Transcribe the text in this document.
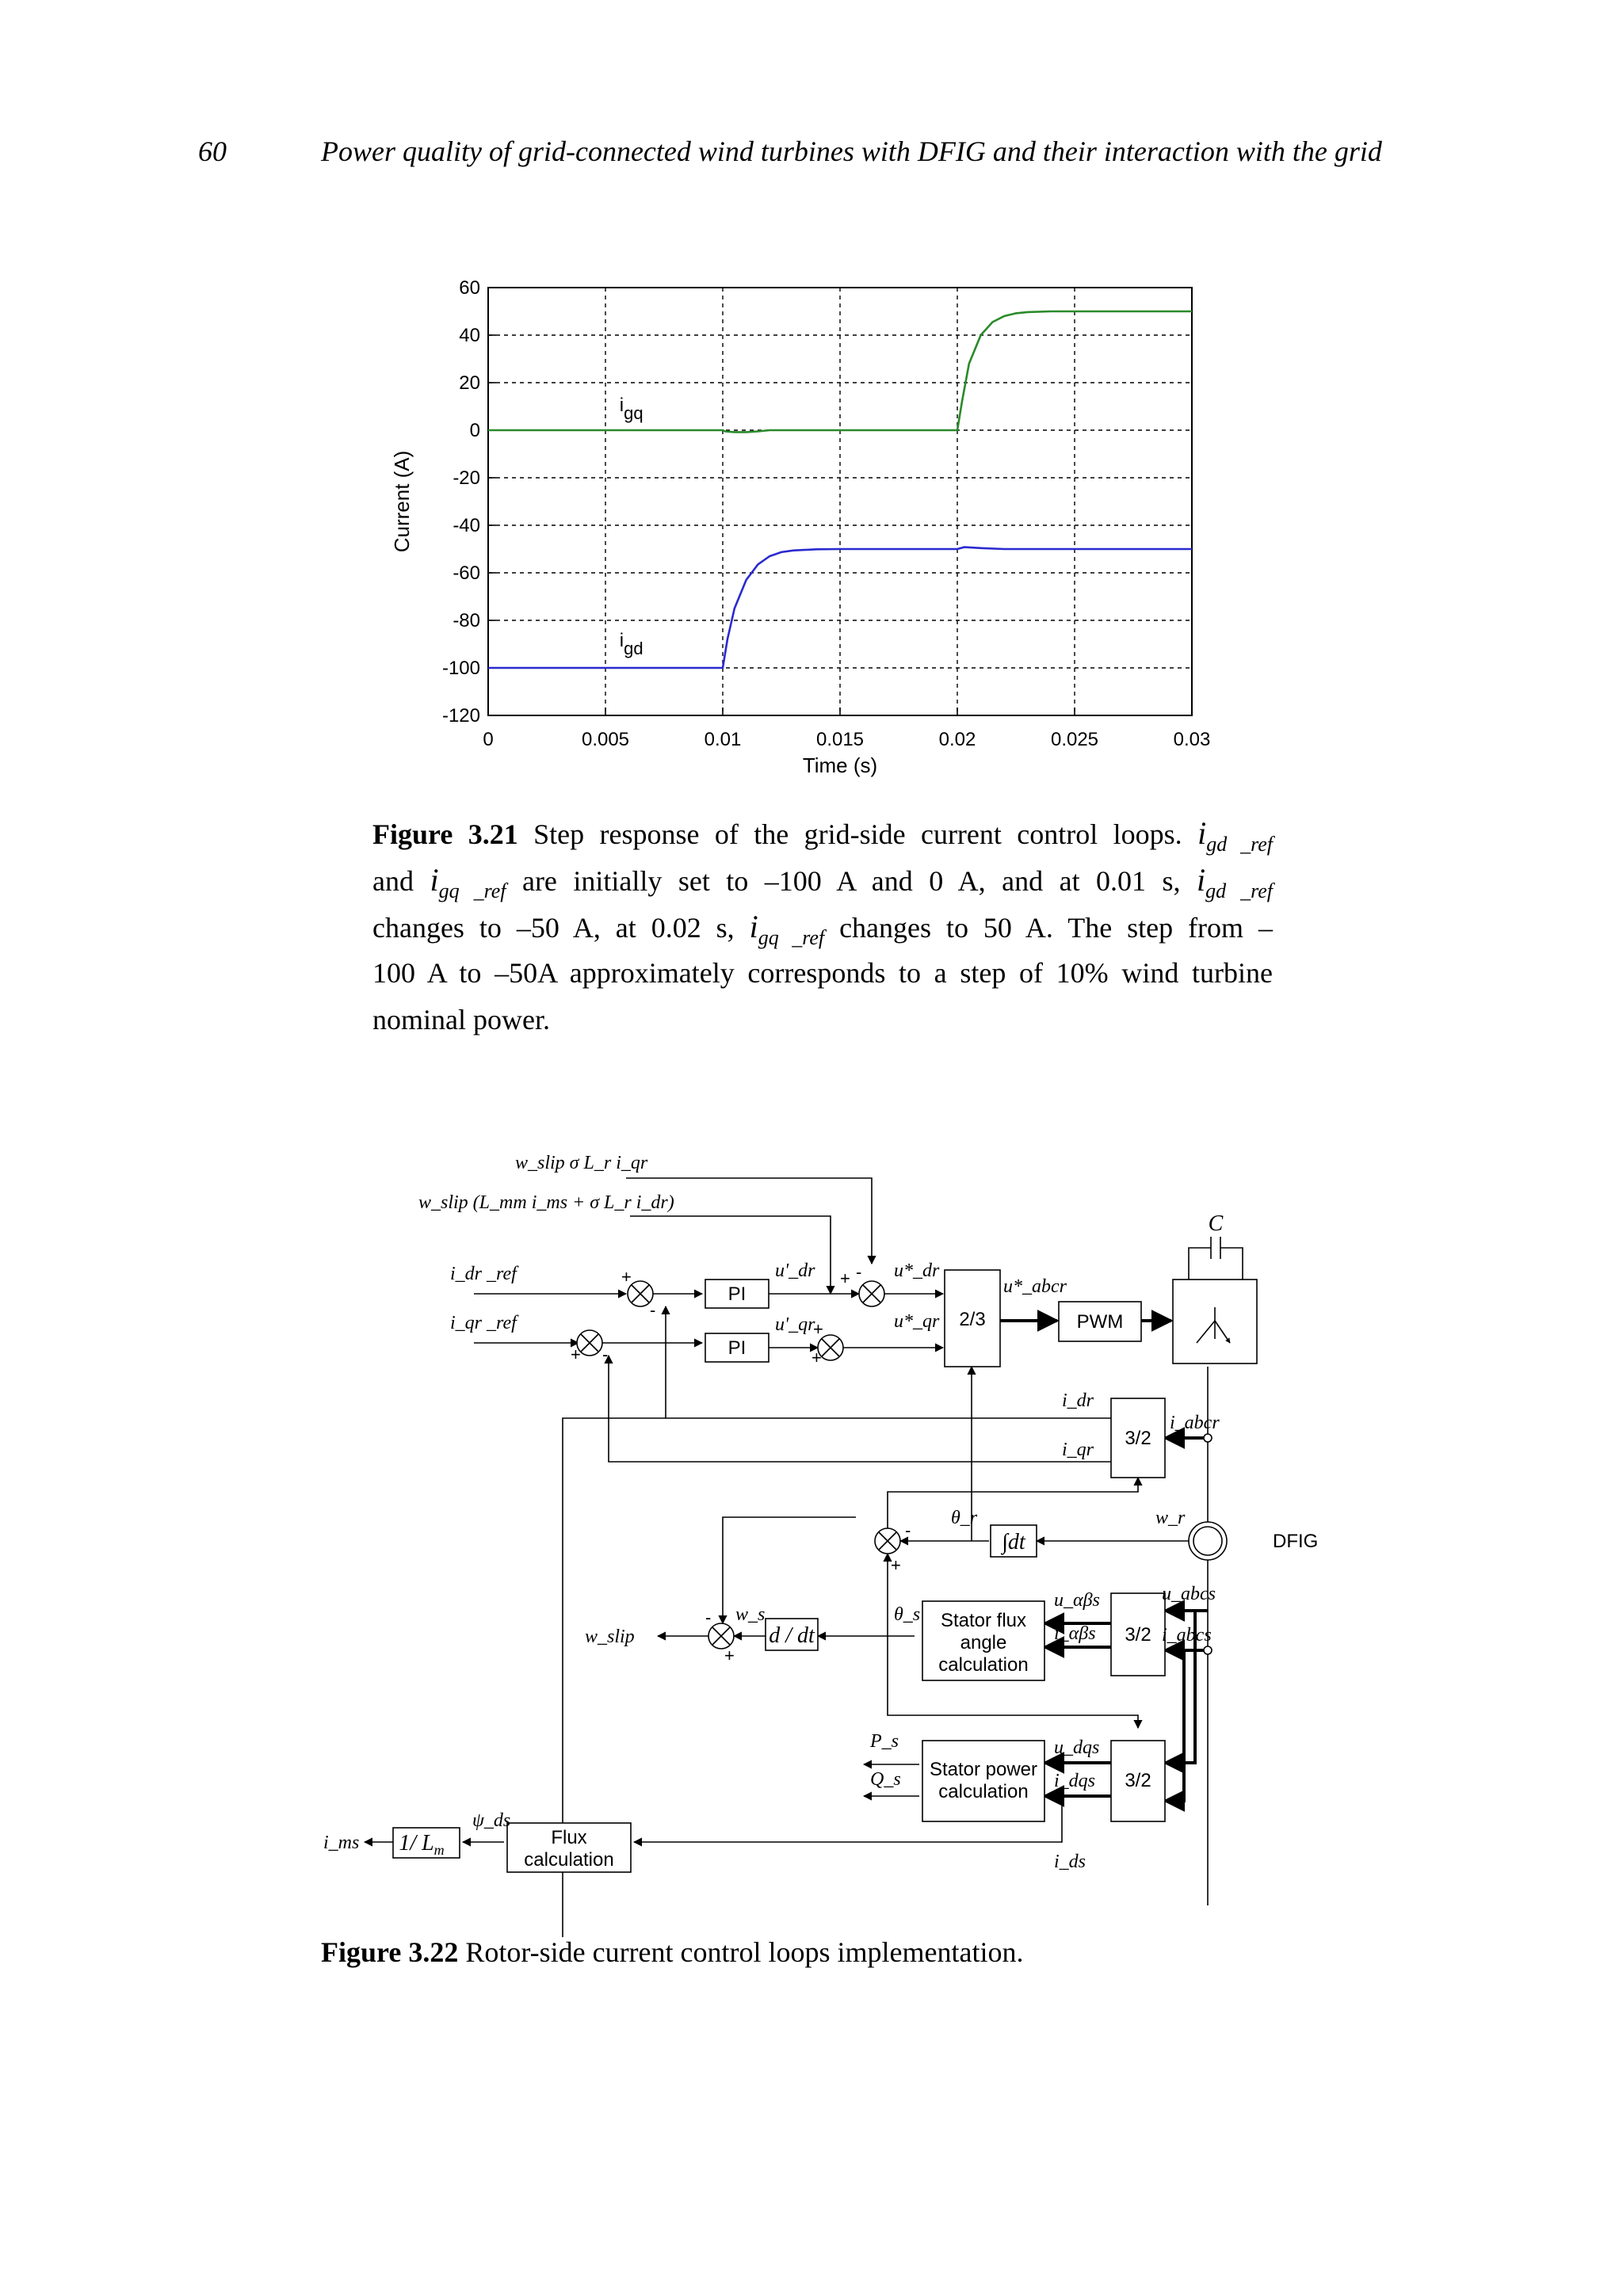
60	Power quality of grid-connected wind turbines with DFIG and their interaction with the grid
0	0.005	0.01	0.015	0.02	0.025	0.03
60
40
20
0
-20
-40
-60
-80
-100
-120
Time (s)
Current (A)
igq
igd
Figure 3.21 Step response of the grid-side current control loops. $i_{gd \_ref}$
and $i_{gq \_ref}$ are initially set to –100 A and 0 A, and at 0.01 s, $i_{gd \_ref}$
changes to –50 A, at 0.02 s, $i_{gq \_ref}$ changes to 50 A. The step from –
100 A to –50A approximately corresponds to a step of 10% wind turbine
nominal power.
PI
PI
2/3	PWM
3/2
3/2
3/2
Stator flux
angle
calculation
Stator power
calculation
Flux
calculation
DFIG
∫dt
d / dt
1/ $L_m$
C
w_slip σ L_r i_qr
w_slip (L_mm i_ms + σ L_r i_dr)
i_dr _ref
i_qr _ref
u'_dr
u'_qr
u*_dr
u*_qr
u*_abcr
i_dr
i_qr
i_abcr
θ_r	w_r
θ_s
w_s
w_slip
u_αβs
i_αβs
u_abcs
i_abcs
P_s
Q_s
u_dqs
i_dqs
ψ_ds
i_ms
i_ds
+
-
+ -
-
+
+
+
-
+
-
+
Figure 3.22 Rotor-side current control loops implementation.
